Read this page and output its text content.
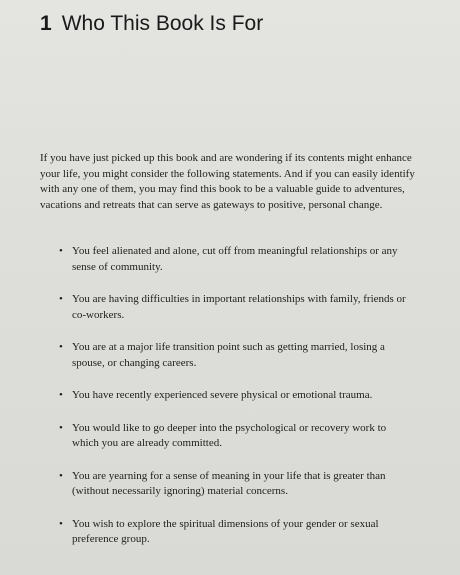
1 Who This Book Is For

If you have just picked up this book and are wondering if its contents might enhance your life, you might consider the following statements. And if you can easily identify with any one of them, you may find this book to be a valuable guide to adventures, vacations and retreats that can serve as gateways to positive, personal change.

• You feel alienated and alone, cut off from meaningful relationships or any sense of community.
• You are having difficulties in important relationships with family, friends or co-workers.
• You are at a major life transition point such as getting married, losing a spouse, or changing careers.
• You have recently experienced severe physical or emotional trauma.
• You would like to go deeper into the psychological or recovery work to which you are already committed.
• You are yearning for a sense of meaning in your life that is greater than (without necessarily ignoring) material concerns.
• You wish to explore the spiritual dimensions of your gender or sexual preference group.
